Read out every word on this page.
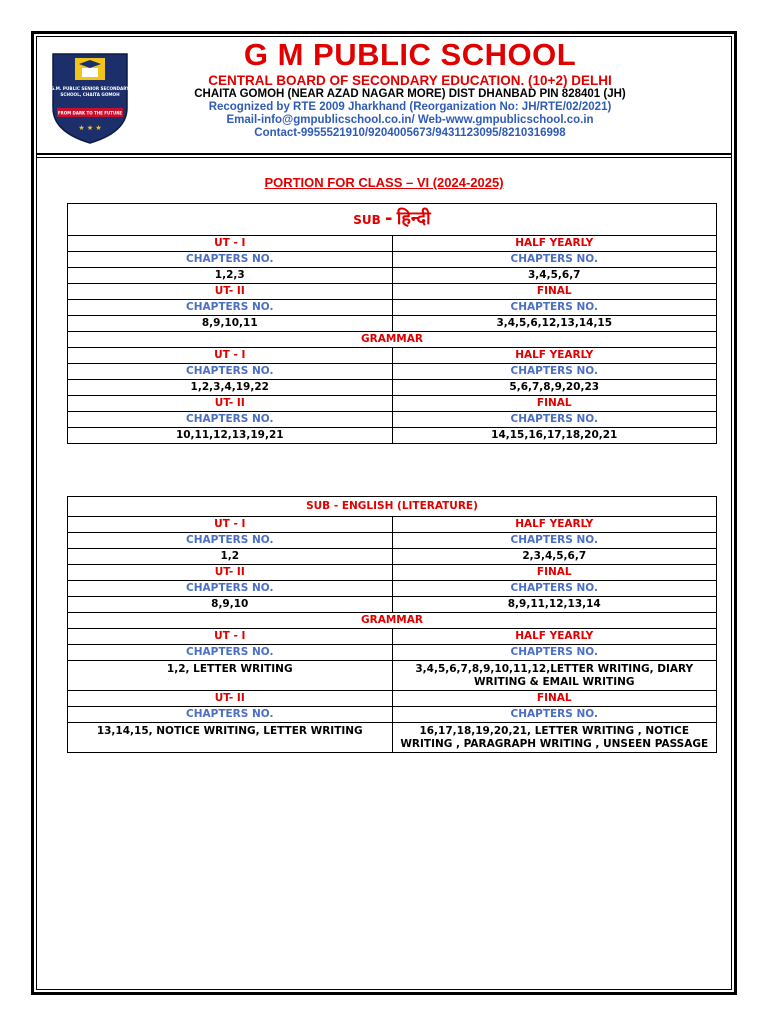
G.M. PUBLIC SENIOR SECONDARY
SCHOOL, CHAITA GOMOH
FROM DARK TO THE FUTURE
★ ★ ★
G M PUBLIC SCHOOL
CENTRAL BOARD OF SECONDARY EDUCATION. (10+2) DELHI
CHAITA GOMOH (NEAR AZAD NAGAR MORE) DIST DHANBAD PIN 828401 (JH)
Recognized by RTE 2009 Jharkhand (Reorganization No: JH/RTE/02/2021)
Email-info@gmpublicschool.co.in/ Web-www.gmpublicschool.co.in
Contact-9955521910/9204005673/9431123095/8210316998
PORTION FOR CLASS – VI (2024-2025)
SUB - हिन्दी	
UT - I	HALF YEARLY
CHAPTERS NO.	CHAPTERS NO.
1,2,3	3,4,5,6,7
UT- II	FINAL
CHAPTERS NO.	CHAPTERS NO.
8,9,10,11	3,4,5,6,12,13,14,15
GRAMMAR	
UT - I	HALF YEARLY
CHAPTERS NO.	CHAPTERS NO.
1,2,3,4,19,22	5,6,7,8,9,20,23
UT- II	FINAL
CHAPTERS NO.	CHAPTERS NO.
10,11,12,13,19,21	14,15,16,17,18,20,21
SUB - ENGLISH (LITERATURE)	
UT - I	HALF YEARLY
CHAPTERS NO.	CHAPTERS NO.
1,2	2,3,4,5,6,7
UT- II	FINAL
CHAPTERS NO.	CHAPTERS NO.
8,9,10	8,9,11,12,13,14
GRAMMAR	
UT - I	HALF YEARLY
CHAPTERS NO.	CHAPTERS NO.
1,2, LETTER WRITING	3,4,5,6,7,8,9,10,11,12,LETTER WRITING, DIARY WRITING & EMAIL WRITING
UT- II	FINAL
CHAPTERS NO.	CHAPTERS NO.
13,14,15, NOTICE WRITING, LETTER WRITING	16,17,18,19,20,21, LETTER WRITING , NOTICE WRITING , PARAGRAPH WRITING , UNSEEN PASSAGE
